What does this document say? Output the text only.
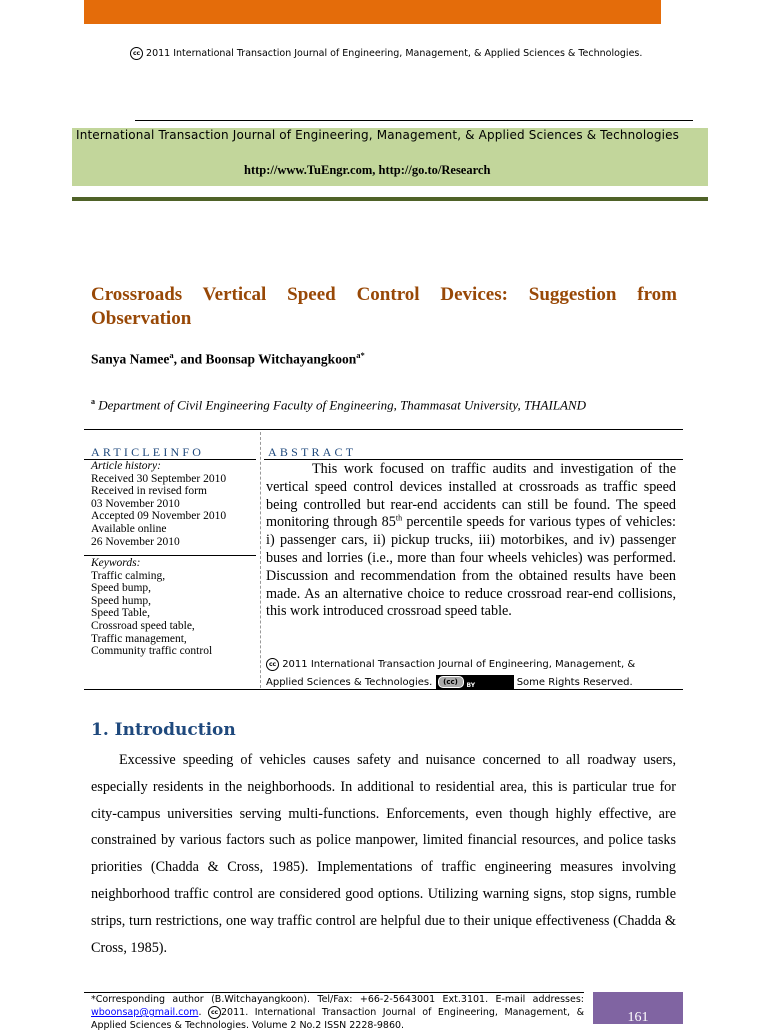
cc 2011 International Transaction Journal of Engineering, Management, & Applied Sciences & Technologies.
International Transaction Journal of Engineering, Management, & Applied Sciences & Technologies
http://www.TuEngr.com, http://go.to/Research
Crossroads Vertical Speed Control Devices: Suggestion from
Observation
Sanya Namee$^a$, and Boonsap Witchayangkoon$^{a*}$
$^a$ Department of Civil Engineering Faculty of Engineering, Thammasat University, THAILAND
ARTICLEINFO	ABSTRACT
Article history:
Received 30 September 2010
Received in revised form
03 November 2010
Accepted 09 November 2010
Available online
26 November 2010
Keywords:
Traffic calming,
Speed bump,
Speed hump,
Speed Table,
Crossroad speed table,
Traffic management,
Community traffic control
This work focused on traffic audits and investigation of the vertical speed control devices installed at crossroads as traffic speed being controlled but rear-end accidents can still be found. The speed monitoring through 85th percentile speeds for various types of vehicles: i) passenger cars, ii) pickup trucks, iii) motorbikes, and iv) passenger buses and lorries (i.e., more than four wheels vehicles) was performed. Discussion and recommendation from the obtained results have been made. As an alternative choice to reduce crossroad rear-end collisions, this work introduced crossroad speed table.
cc 2011 International Transaction Journal of Engineering, Management, &
Applied Sciences & Technologies.	(cc)	BY	Some Rights Reserved.
1. Introduction

Excessive speeding of vehicles causes safety and nuisance concerned to all roadway users, especially residents in the neighborhoods. In additional to residential area, this is particular true for city-campus universities serving multi-functions. Enforcements, even though highly effective, are constrained by various factors such as police manpower, limited financial resources, and police tasks priorities (Chadda & Cross, 1985). Implementations of traffic engineering measures involving neighborhood traffic control are considered good options. Utilizing warning signs, stop signs, rumble strips, turn restrictions, one way traffic control are helpful due to their unique effectiveness (Chadda & Cross, 1985).

*Corresponding author (B.Witchayangkoon). Tel/Fax: +66-2-5643001 Ext.3101. E-mail addresses: wboonsap@gmail.com. cc 2011. International Transaction Journal of Engineering, Management, & Applied Sciences & Technologies. Volume 2 No.2 ISSN 2228-9860.
161
